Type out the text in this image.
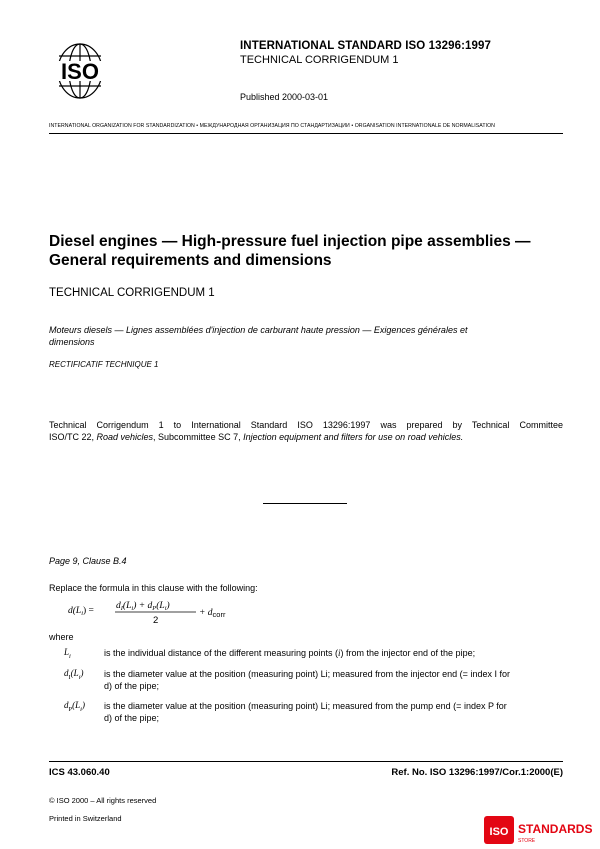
ISO
INTERNATIONAL STANDARD ISO 13296:1997
TECHNICAL CORRIGENDUM 1
Published 2000-03-01
INTERNATIONAL ORGANIZATION FOR STANDARDIZATION • МЕЖДУНАРОДНАЯ ОРГАНИЗАЦИЯ ПО СТАНДАРТИЗАЦИИ • ORGANISATION INTERNATIONALE DE NORMALISATION
Diesel engines — High-pressure fuel injection pipe assemblies —
General requirements and dimensions
TECHNICAL CORRIGENDUM 1
Moteurs diesels — Lignes assemblées d'injection de carburant haute pression — Exigences générales et
dimensions
RECTIFICATIF TECHNIQUE 1
Technical Corrigendum 1 to International Standard ISO 13296:1997 was prepared by Technical Committee
ISO/TC 22, Road vehicles, Subcommittee SC 7, Injection equipment and filters for use on road vehicles.
Page 9, Clause B.4
Replace the formula in this clause with the following:
$d(L_i) = d_I(L_i) + d_P(L_i)$
2
+ $d_{corr}$
where
$L_i$	is the individual distance of the different measuring points (i) from the injector end of the pipe;
$d_I(L_i)$ is the diameter value at the position (measuring point) Li; measured from the injector end (= index I for
d) of the pipe;
$d_P(L_i)$ is the diameter value at the position (measuring point) Li; measured from the pump end (= index P for
d) of the pipe;
ICS 43.060.40	Ref. No. ISO 13296:1997/Cor.1:2000(E)
© ISO 2000 – All rights reserved
Printed in Switzerland
ISO STANDARDS
STORE
